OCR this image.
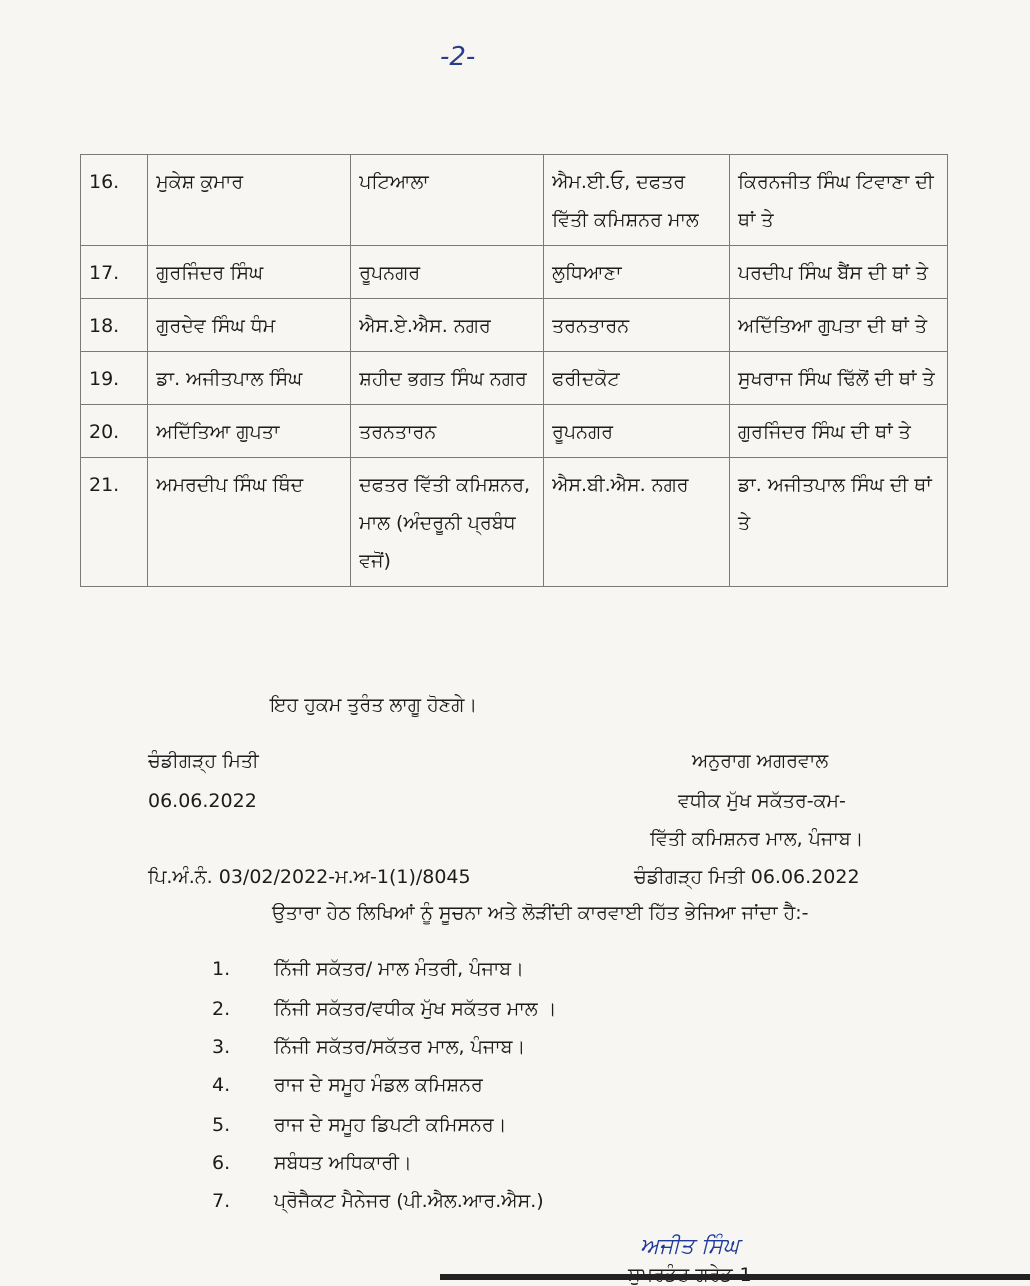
-2-
16.	ਮੁਕੇਸ਼ ਕੁਮਾਰ	ਪਟਿਆਲਾ	ਐਮ.ਈ.ਓ, ਦਫਤਰ ਵਿੱਤੀ ਕਮਿਸ਼ਨਰ ਮਾਲ	ਕਿਰਨਜੀਤ ਸਿੰਘ ਟਿਵਾਣਾ ਦੀ ਥਾਂ ਤੇ
17.	ਗੁਰਜਿੰਦਰ ਸਿੰਘ	ਰੂਪਨਗਰ	ਲੁਧਿਆਣਾ	ਪਰਦੀਪ ਸਿੰਘ ਬੈਂਸ ਦੀ ਥਾਂ ਤੇ
18.	ਗੁਰਦੇਵ ਸਿੰਘ ਧੰਮ	ਐਸ.ਏ.ਐਸ. ਨਗਰ	ਤਰਨਤਾਰਨ	ਅਦਿੱਤਿਆ ਗੁਪਤਾ ਦੀ ਥਾਂ ਤੇ
19.	ਡਾ. ਅਜੀਤਪਾਲ ਸਿੰਘ	ਸ਼ਹੀਦ ਭਗਤ ਸਿੰਘ ਨਗਰ	ਫਰੀਦਕੋਟ	ਸੁਖਰਾਜ ਸਿੰਘ ਢਿੱਲੋਂ ਦੀ ਥਾਂ ਤੇ
20.	ਅਦਿੱਤਿਆ ਗੁਪਤਾ	ਤਰਨਤਾਰਨ	ਰੂਪਨਗਰ	ਗੁਰਜਿੰਦਰ ਸਿੰਘ ਦੀ ਥਾਂ ਤੇ
21.	ਅਮਰਦੀਪ ਸਿੰਘ ਥਿੰਦ	ਦਫਤਰ ਵਿੱਤੀ ਕਮਿਸ਼ਨਰ, ਮਾਲ (ਅੰਦਰੂਨੀ ਪ੍ਰਬੰਧ ਵਜੋਂ)	ਐਸ.ਬੀ.ਐਸ. ਨਗਰ	ਡਾ. ਅਜੀਤਪਾਲ ਸਿੰਘ ਦੀ ਥਾਂ ਤੇ
ਇਹ ਹੁਕਮ ਤੁਰੰਤ ਲਾਗੂ ਹੋਣਗੇ।
ਚੰਡੀਗੜ੍ਹ ਮਿਤੀ
06.06.2022
ਅਨੁਰਾਗ ਅਗਰਵਾਲ
ਵਧੀਕ ਮੁੱਖ ਸਕੱਤਰ-ਕਮ-
ਵਿੱਤੀ ਕਮਿਸ਼ਨਰ ਮਾਲ, ਪੰਜਾਬ।
ਪਿ.ਅੰ.ਨੰ. 03/02/2022-ਮ.ਅ-1(1)/8045	ਚੰਡੀਗੜ੍ਹ ਮਿਤੀ 06.06.2022
ਉਤਾਰਾ ਹੇਠ ਲਿਖਿਆਂ ਨੂੰ ਸੂਚਨਾ ਅਤੇ ਲੋੜੀਂਦੀ ਕਾਰਵਾਈ ਹਿੱਤ ਭੇਜਿਆ ਜਾਂਦਾ ਹੈ:-
1. ਨਿੱਜੀ ਸਕੱਤਰ/ ਮਾਲ ਮੰਤਰੀ, ਪੰਜਾਬ।
2. ਨਿੱਜੀ ਸਕੱਤਰ/ਵਧੀਕ ਮੁੱਖ ਸਕੱਤਰ ਮਾਲ ।
3. ਨਿੱਜੀ ਸਕੱਤਰ/ਸਕੱਤਰ ਮਾਲ, ਪੰਜਾਬ।
4. ਰਾਜ ਦੇ ਸਮੂਹ ਮੰਡਲ ਕਮਿਸ਼ਨਰ
5. ਰਾਜ ਦੇ ਸਮੂਹ ਡਿਪਟੀ ਕਮਿਸਨਰ।
6. ਸਬੰਧਤ ਅਧਿਕਾਰੀ।
7. ਪ੍ਰੋਜੈਕਟ ਮੈਨੇਜਰ (ਪੀ.ਐਲ.ਆਰ.ਐਸ.)
ਅਜੀਤ ਸਿੰਘ
